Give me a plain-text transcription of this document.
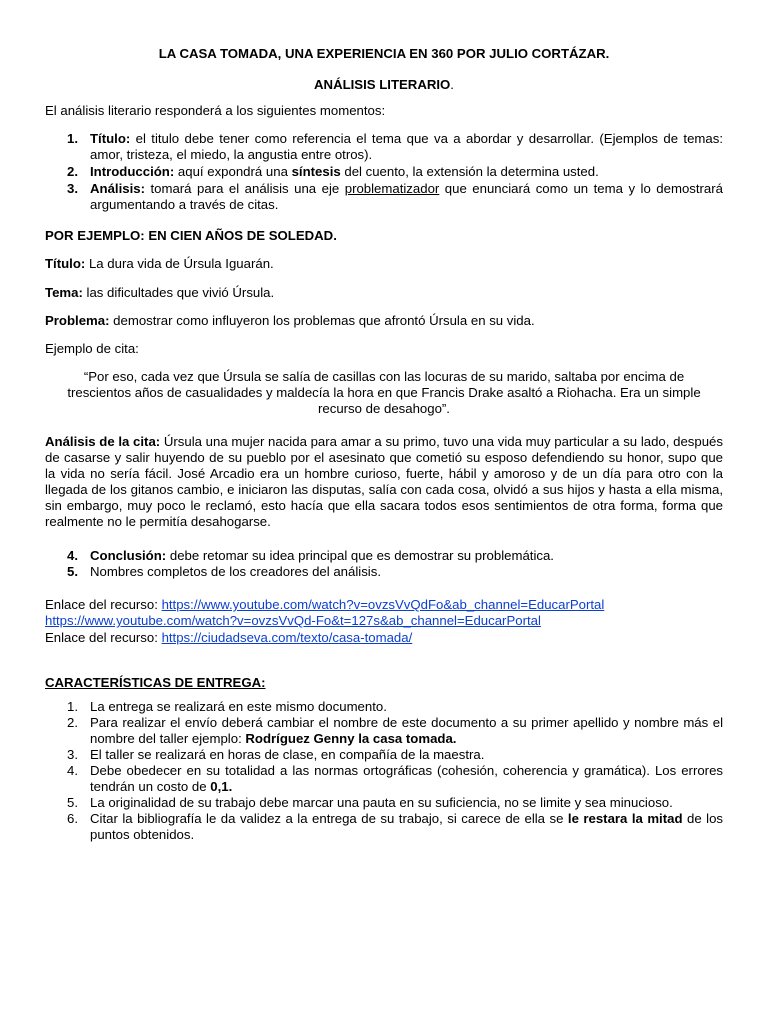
LA CASA TOMADA, UNA EXPERIENCIA EN 360 POR JULIO CORTÁZAR.
ANÁLISIS LITERARIO.
El análisis literario responderá a los siguientes momentos:
1. Título: el titulo debe tener como referencia el tema que va a abordar y desarrollar. (Ejemplos de temas: amor, tristeza, el miedo, la angustia entre otros).
2. Introducción: aquí expondrá una síntesis del cuento, la extensión la determina usted.
3. Análisis: tomará para el análisis una eje problematizador que enunciará como un tema y lo demostrará argumentando a través de citas.
POR EJEMPLO: EN CIEN AÑOS DE SOLEDAD.
Título: La dura vida de Úrsula Iguarán.
Tema: las dificultades que vivió Úrsula.
Problema: demostrar como influyeron los problemas que afrontó Úrsula en su vida.
Ejemplo de cita:
“Por eso, cada vez que Úrsula se salía de casillas con las locuras de su marido, saltaba por encima de
trescientos años de casualidades y maldecía la hora en que Francis Drake asaltó a Riohacha. Era un simple
recurso de desahogo”.
Análisis de la cita: Úrsula una mujer nacida para amar a su primo, tuvo una vida muy particular a su lado, después de casarse y salir huyendo de su pueblo por el asesinato que cometió su esposo defendiendo su honor, supo que la vida no sería fácil. José Arcadio era un hombre curioso, fuerte, hábil y amoroso y de un día para otro con la llegada de los gitanos cambio, e iniciaron las disputas, salía con cada cosa, olvidó a sus hijos y hasta a ella misma, sin embargo, muy poco le reclamó, esto hacía que ella sacara todos esos sentimientos de otra forma, forma que realmente no le permitía desahogarse.
4. Conclusión: debe retomar su idea principal que es demostrar su problemática.
5. Nombres completos de los creadores del análisis.
Enlace del recurso: https://www.youtube.com/watch?v=ovzsVvQdFo&ab_channel=EducarPortal
https://www.youtube.com/watch?v=ovzsVvQd-Fo&t=127s&ab_channel=EducarPortal
Enlace del recurso: https://ciudadseva.com/texto/casa-tomada/
CARACTERÍSTICAS DE ENTREGA:
1. La entrega se realizará en este mismo documento.
2. Para realizar el envío deberá cambiar el nombre de este documento a su primer apellido y nombre más el nombre del taller ejemplo: Rodríguez Genny la casa tomada.
3. El taller se realizará en horas de clase, en compañía de la maestra.
4. Debe obedecer en su totalidad a las normas ortográficas (cohesión, coherencia y gramática). Los errores tendrán un costo de 0,1.
5. La originalidad de su trabajo debe marcar una pauta en su suficiencia, no se limite y sea minucioso.
6. Citar la bibliografía le da validez a la entrega de su trabajo, si carece de ella se le restara la mitad de los puntos obtenidos.
